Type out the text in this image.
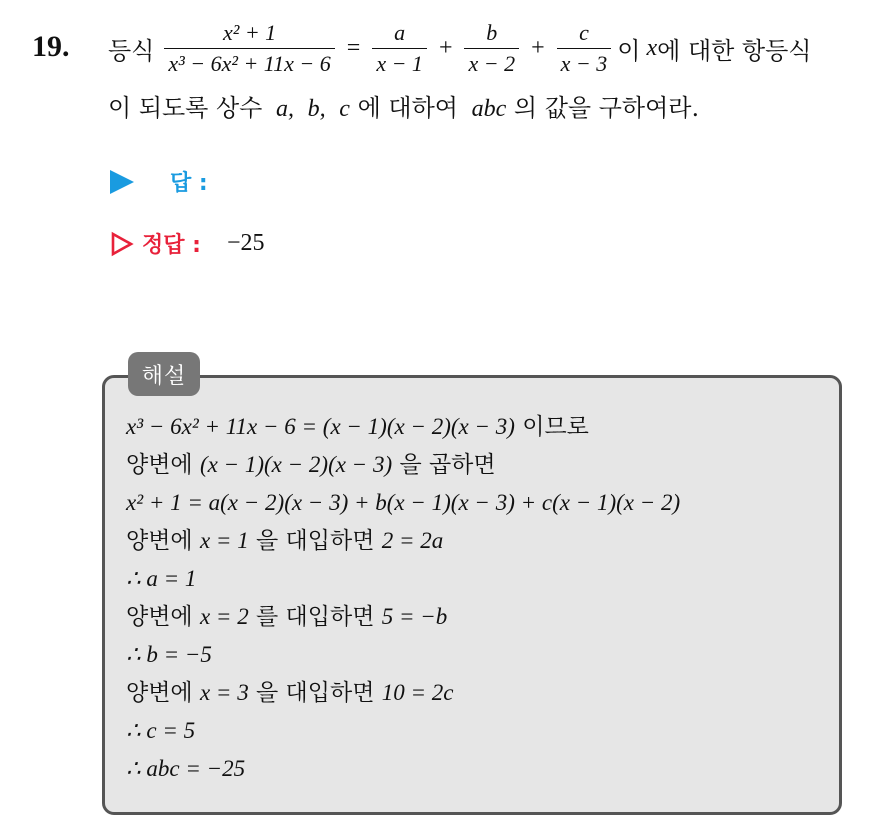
19. 등식 $\frac{\text{x² + 1}}{\text{x³ − 6x² + 11x − 6}} = \frac{a}{x - 1} + \frac{b}{x - 2} + \frac{c}{x - 3}$ 이 x 에 대한 항등식
이 되도록 상수 a, b, c 에 대하여 abc 의 값을 구하여라.
답 :
정답 : −25
해설
x³ − 6x² + 11x − 6 = (x − 1)(x − 2)(x − 3) 이므로
양변에 (x − 1)(x − 2)(x − 3) 을 곱하면
x² + 1 = a(x − 2)(x − 3) + b(x − 1)(x − 3) + c(x − 1)(x − 2)
양변에 x = 1 을 대입하면 2 = 2a
∴ a = 1
양변에 x = 2 를 대입하면 5 = −b
∴ b = −5
양변에 x = 3 을 대입하면 10 = 2c
∴ c = 5
∴ abc = −25
